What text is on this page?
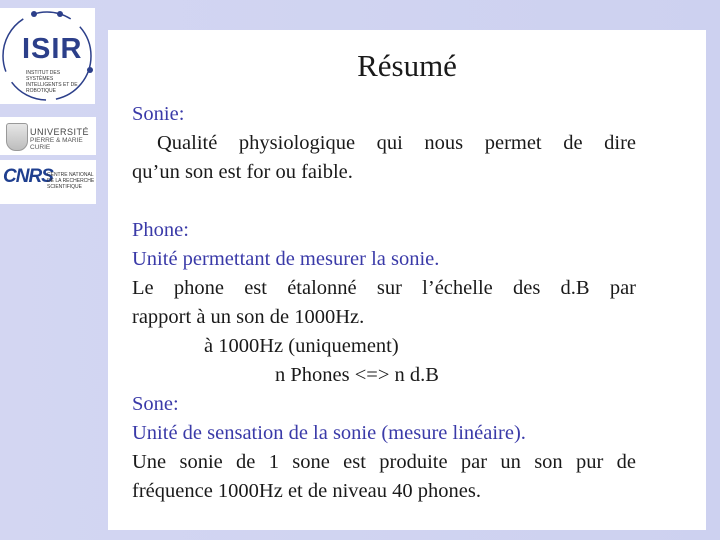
ISIR
INSTITUT DES SYSTÈMES INTELLIGENTS ET DE ROBOTIQUE
UNIVERSITÉ
PIERRE & MARIE CURIE
CNRS
CENTRE NATIONAL DE LA RECHERCHE SCIENTIFIQUE
Résumé

Sonie:

Qualité physiologique qui nous permet de dire

qu’un son est for ou faible.

Phone:

Unité permettant de mesurer la sonie.

Le phone est étalonné sur l’échelle des d.B par

rapport à un son de 1000Hz.

à 1000Hz (uniquement)

n Phones <=> n d.B

Sone:

Unité de sensation de la sonie (mesure linéaire).

Une sonie de 1 sone est produite par un son pur de

fréquence 1000Hz et de niveau 40 phones.
